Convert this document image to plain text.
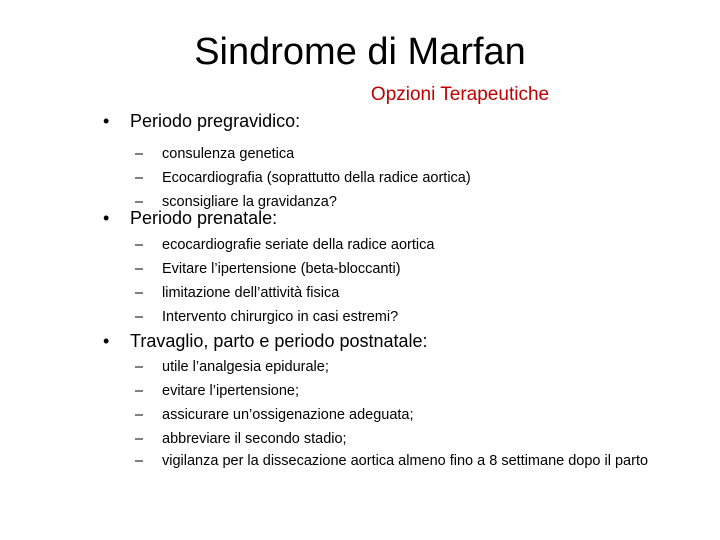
Sindrome di Marfan
Opzioni Terapeutiche
• Periodo pregravidico:
– consulenza genetica
– Ecocardiografia (soprattutto della radice aortica)
– sconsigliare la gravidanza?
• Periodo prenatale:
– ecocardiografie seriate della radice aortica
– Evitare l’ipertensione (beta-bloccanti)
– limitazione dell’attività fisica
– Intervento chirurgico in casi estremi?
• Travaglio, parto e periodo postnatale:
– utile l’analgesia epidurale;
– evitare l’ipertensione;
– assicurare un’ossigenazione adeguata;
– abbreviare il secondo stadio;
– vigilanza per la dissecazione aortica almeno fino a 8 settimane dopo il parto
